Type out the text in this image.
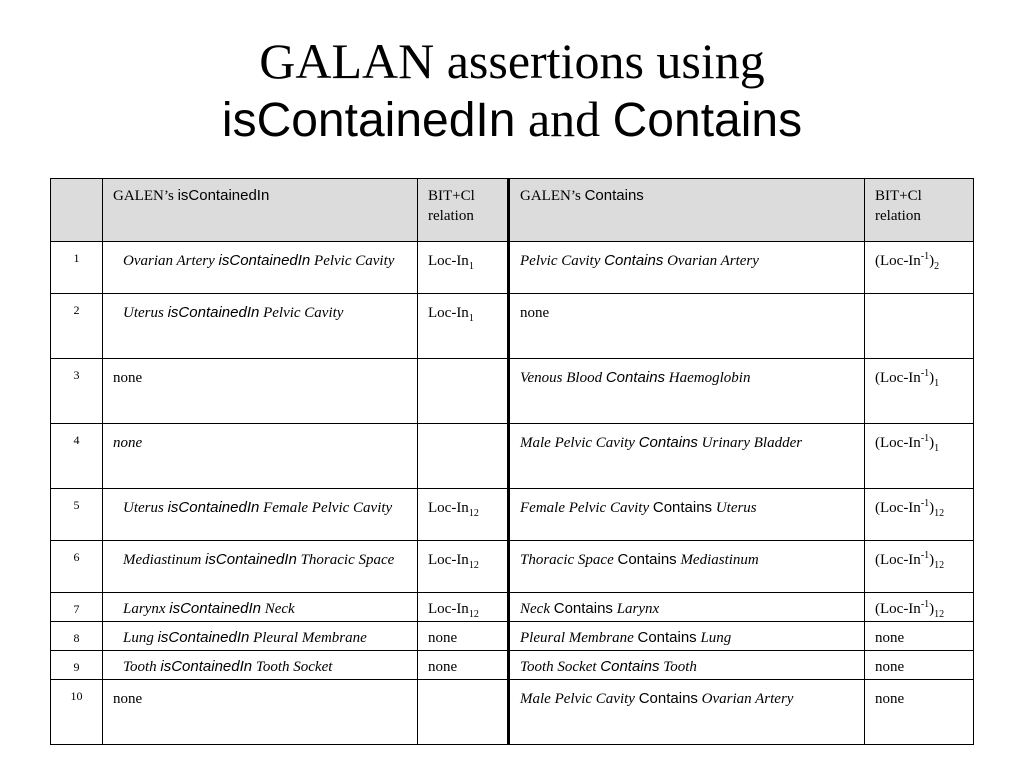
GALAN assertions using
isContainedIn and Contains
	GALEN’s isContainedIn	BIT+Cl relation	GALEN’s Contains	BIT+Cl relation
1	Ovarian Artery isContainedIn Pelvic Cavity	Loc-$In_1$	Pelvic Cavity Contains Ovarian Artery	$(Loc-In^{-1})_2$
2	Uterus isContainedIn Pelvic Cavity	Loc-$In_1$	none	
3	none		Venous Blood Contains Haemoglobin	$(Loc-In^{-1})_1$
4	none		Male Pelvic Cavity Contains Urinary Bladder	$(Loc-In^{-1})_1$
5	Uterus isContainedIn Female Pelvic Cavity	Loc-$In_{12}$	Female Pelvic Cavity Contains Uterus	$(Loc-In^{-1})_{12}$
6	Mediastinum isContainedIn Thoracic Space	Loc-$In_{12}$	Thoracic Space Contains Mediastinum	$(Loc-In^{-1})_{12}$
7	Larynx isContainedIn Neck	Loc-$In_{12}$	Neck Contains Larynx	$(Loc-In^{-1})_{12}$
8	Lung isContainedIn Pleural Membrane	none	Pleural Membrane Contains Lung	none
9	Tooth isContainedIn Tooth Socket	none	Tooth Socket Contains Tooth	none
10	none		Male Pelvic Cavity Contains Ovarian Artery	none
